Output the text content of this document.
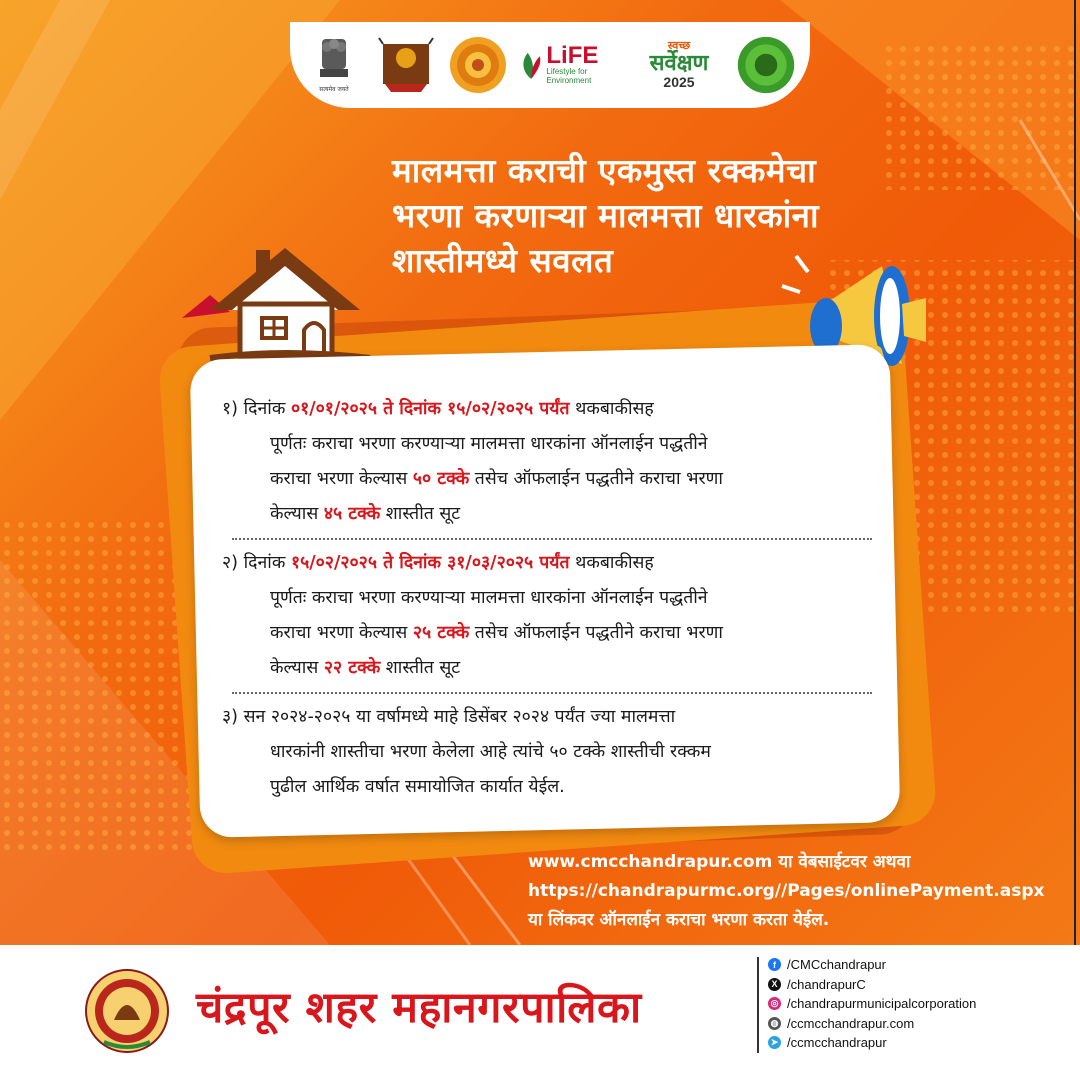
सत्यमेव जयते
LiFE
Lifestyle for Environment
स्वच्छ
सर्वेक्षण
2025
मालमत्ता कराची एकमुस्त रक्कमेचा
भरणा करणाऱ्या मालमत्ता धारकांना
शास्तीमध्ये सवलत
१) दिनांक ०१/०१/२०२५ ते दिनांक १५/०२/२०२५ पर्यंत थकबाकीसह
पूर्णतः कराचा भरणा करण्याऱ्या मालमत्ता धारकांना ऑनलाईन पद्धतीने
कराचा भरणा केल्यास ५० टक्के तसेच ऑफलाईन पद्धतीने कराचा भरणा
केल्यास ४५ टक्के शास्तीत सूट
२) दिनांक १५/०२/२०२५ ते दिनांक ३१/०३/२०२५ पर्यंत थकबाकीसह
पूर्णतः कराचा भरणा करण्याऱ्या मालमत्ता धारकांना ऑनलाईन पद्धतीने
कराचा भरणा केल्यास २५ टक्के तसेच ऑफलाईन पद्धतीने कराचा भरणा
केल्यास २२ टक्के शास्तीत सूट
३) सन २०२४-२०२५ या वर्षामध्ये माहे डिसेंबर २०२४ पर्यंत ज्या मालमत्ता
धारकांनी शास्तीचा भरणा केलेला आहे त्यांचे ५० टक्के शास्तीची रक्कम
पुढील आर्थिक वर्षात समायोजित कार्यात येईल.
www.cmcchandrapur.com या वेबसाईटवर अथवा
https://chandrapurmc.org//Pages/onlinePayment.aspx
या लिंकवर ऑनलाईन कराचा भरणा करता येईल.
चंद्रपूर शहर महानगरपालिका
f /CMCchandrapur
X /chandrapurC
◎ /chandrapurmunicipalcorporation
◍ /ccmcchandrapur.com
➤ /ccmcchandrapur
